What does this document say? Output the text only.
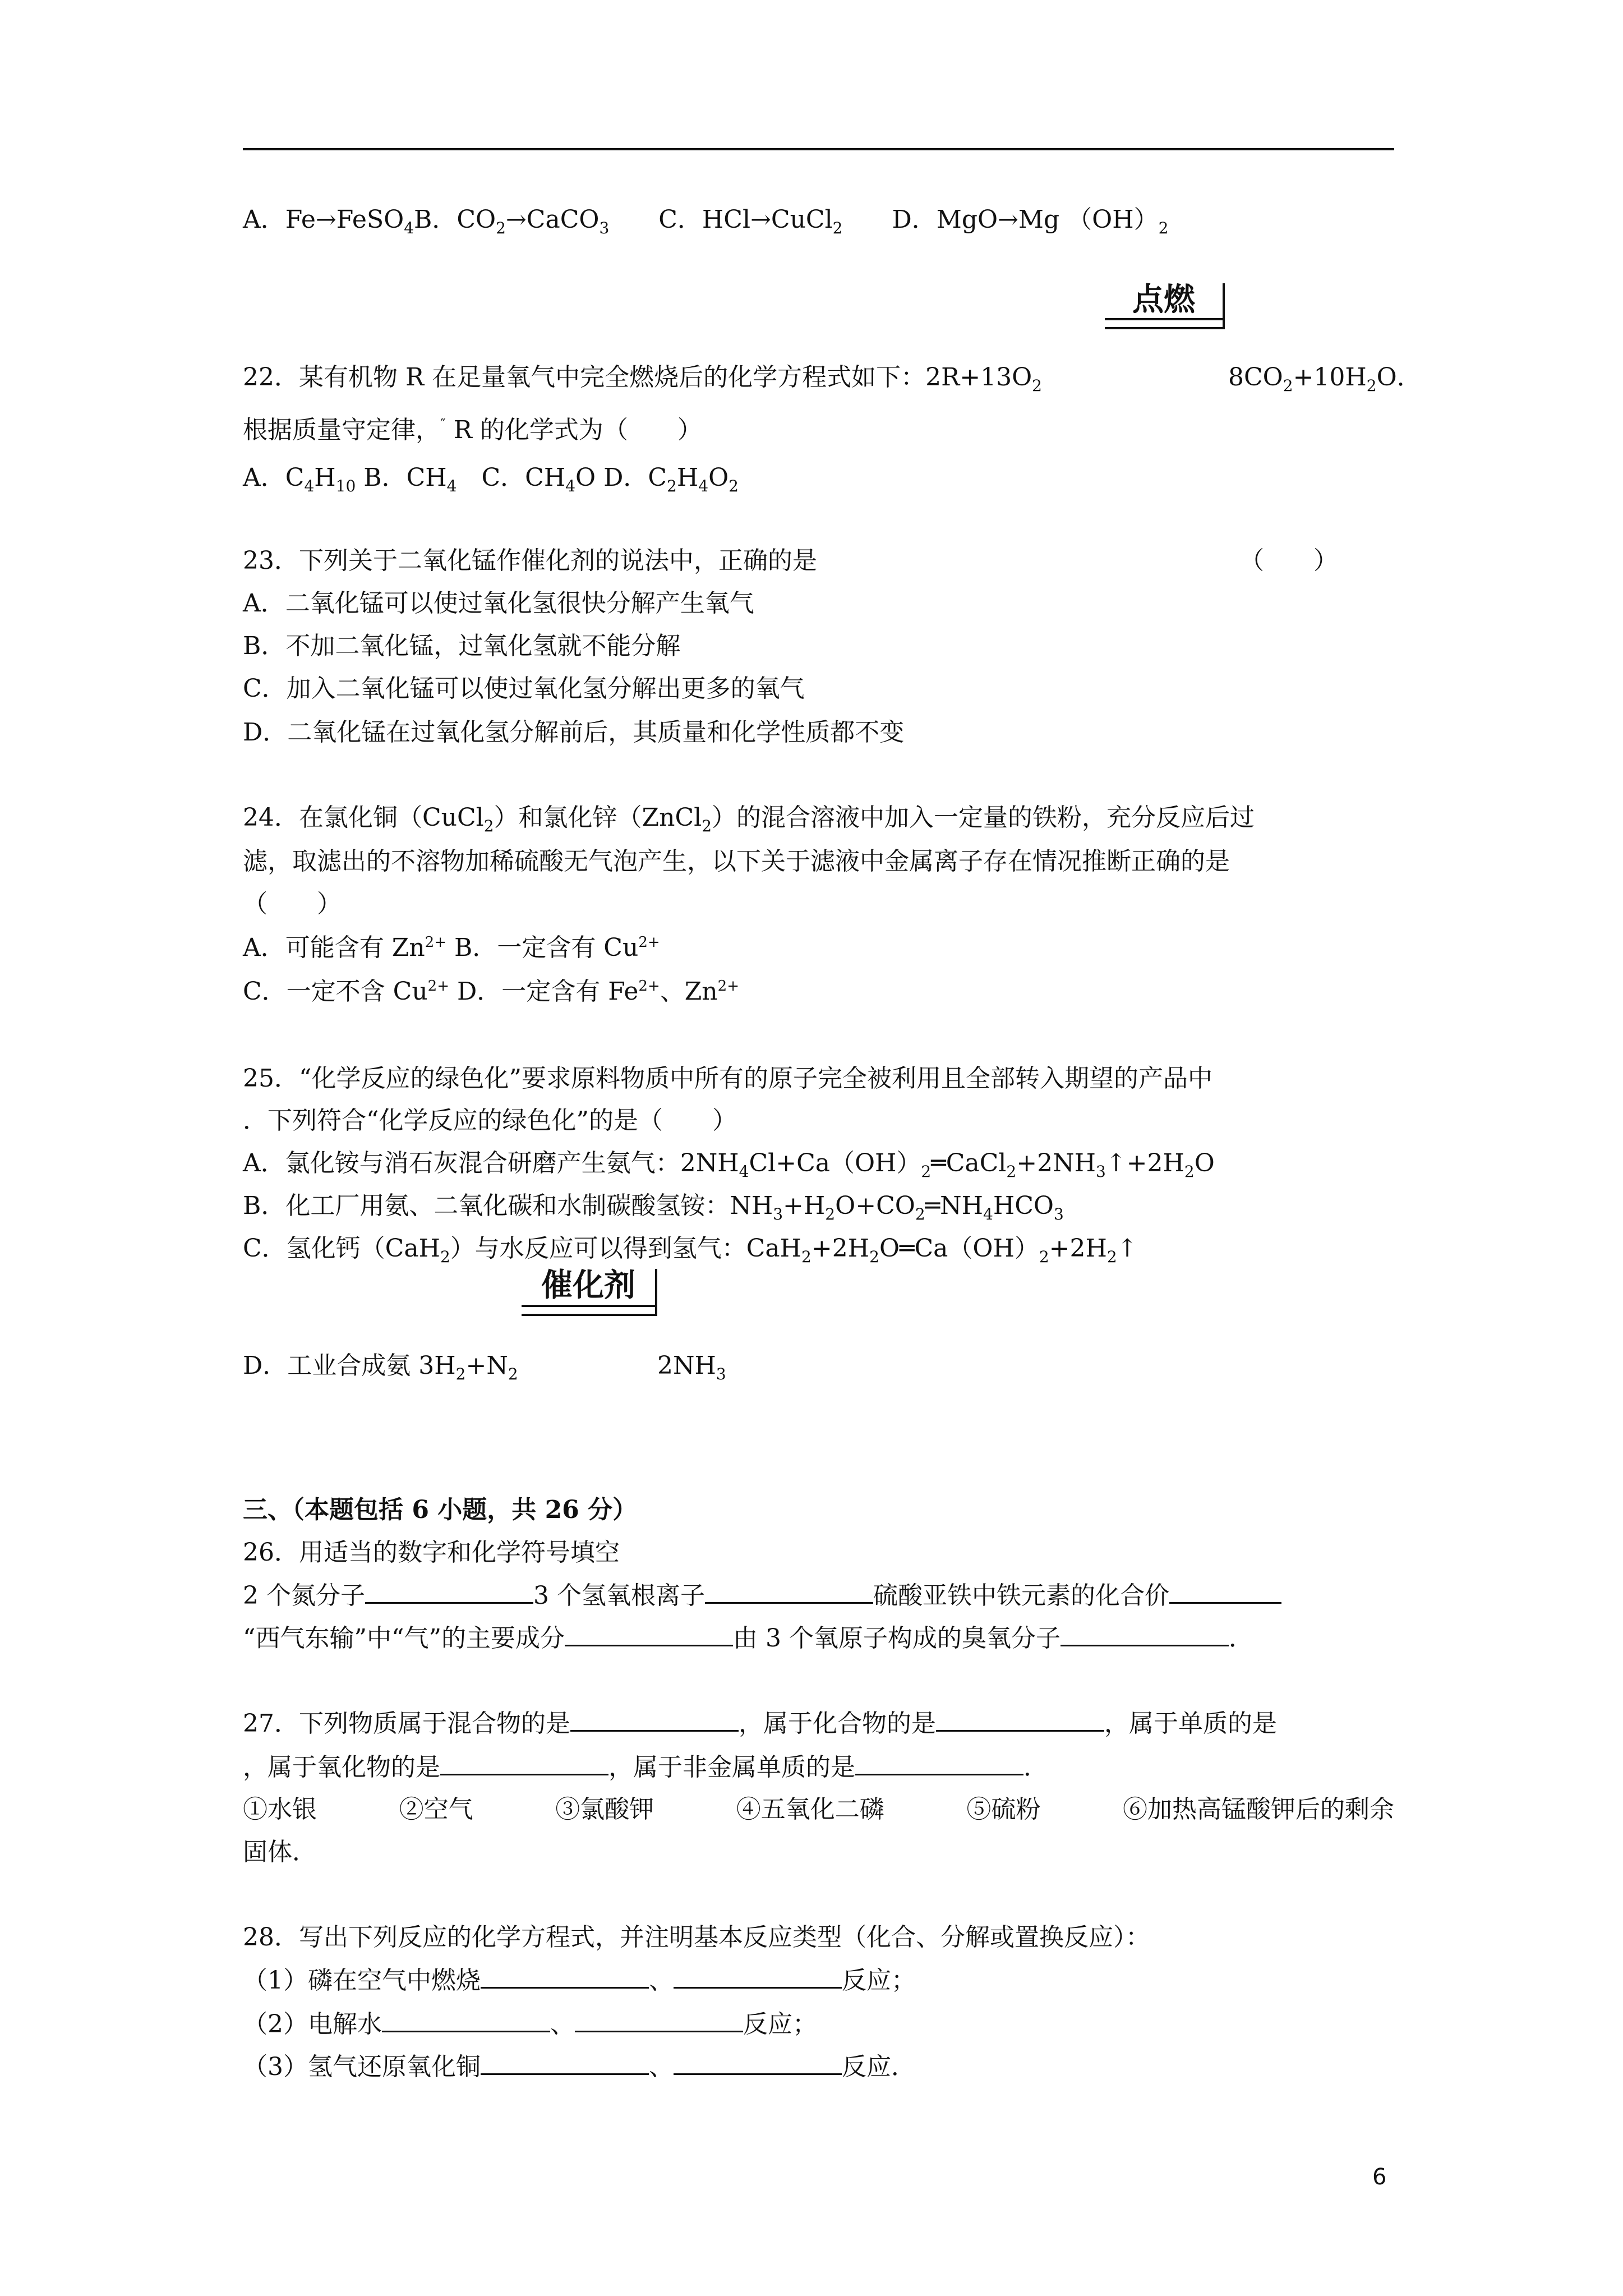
A．Fe→FeSO$_4$B．$CO_2\to CaCO_3$　　 C．HCl→CuCl$_2$　　 D．MgO→Mg $(OH)_2$
点燃
22．某有机物 R 在足量氧气中完全燃烧后的化学方程式如下：$2R+13O_2$	$8CO_2+10H_2O$．
根据质量守定律，″ R 的化学式为（　　）
A．$C_4H_{10}$ B．$CH_4$　C．$CH_4O$ D．$C_2H_4O_2$
23．下列关于二氧化锰作催化剂的说法中，正确的是	（　　）
A．二氧化锰可以使过氧化氢很快分解产生氧气
B．不加二氧化锰，过氧化氢就不能分解
C．加入二氧化锰可以使过氧化氢分解出更多的氧气
D．二氧化锰在过氧化氢分解前后，其质量和化学性质都不变
24．在氯化铜（CuCl$_2$）和氯化锌（ZnCl$_2$）的混合溶液中加入一定量的铁粉，充分反应后过
滤，取滤出的不溶物加稀硫酸无气泡产生，以下关于滤液中金属离子存在情况推断正确的是
（　　）
A．可能含有 $Zn^{2+}$ B．一定含有 $Cu^{2+}$
C．一定不含 $Cu^{2+}$ D．一定含有 $Fe^{2+}$、$Zn^{2+}$
25．“化学反应的绿色化”要求原料物质中所有的原子完全被利用且全部转入期望的产品中
．下列符合“化学反应的绿色化”的是（　　）
A．氯化铵与消石灰混合研磨产生氨气：$2NH_4Cl+Ca(OH)_2═CaCl_2+2NH_3↑+2H_2O$
B．化工厂用氨、二氧化碳和水制碳酸氢铵：$NH_3+H_2O+CO_2═NH_4HCO_3$
C．氢化钙（CaH$_2$）与水反应可以得到氢气：$CaH_2+2H_2O═Ca(OH)_2+2H_2↑$
催化剂
D．工业合成氨 $3H_2+N_2$	$2NH_3$
三、（本题包括 6 小题，共 26 分）
26．用适当的数字和化学符号填空
2 个氮分子	3 个氢氧根离子	硫酸亚铁中铁元素的化合价
“西气东输”中“气”的主要成分	由 3 个氧原子构成的臭氧分子	．
27．下列物质属于混合物的是	，属于化合物的是	，属于单质的是
，属于氧化物的是	，属于非金属单质的是	．
①水银	②空气	③氯酸钾	④五氧化二磷	⑤硫粉	⑥加热高锰酸钾后的剩余
固体．
28．写出下列反应的化学方程式，并注明基本反应类型（化合、分解或置换反应）：
（1）磷在空气中燃烧	、	反应；
（2）电解水	、	反应；
（3）氢气还原氧化铜	、	反应．
6
